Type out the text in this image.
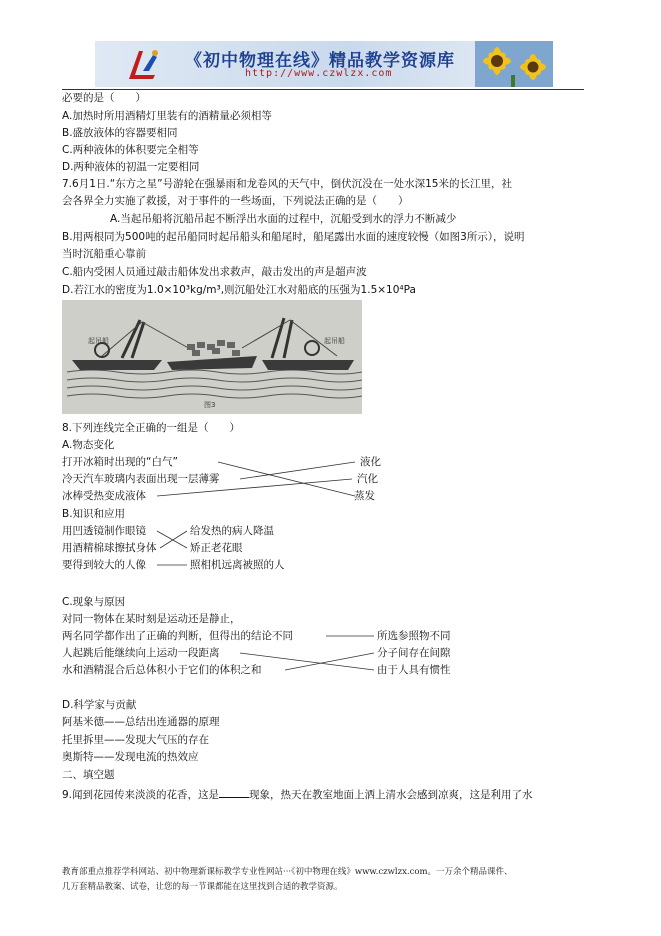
《初中物理在线》精品教学资源库
http://www.czwlzx.com
必要的是（　　）
A.加热时所用酒精灯里装有的酒精量必须相等
B.盛放液体的容器要相同
C.两种液体的体积要完全相等
D.两种液体的初温一定要相同
7.6月1日.“东方之星”号游轮在强暴雨和龙卷风的天气中，倒伏沉没在一处水深15米的长江里，社
会各界全力实施了救援，对于事件的一些场面，下列说法正确的是（　　）
A.当起吊船将沉船吊起不断浮出水面的过程中，沉船受到水的浮力不断减少
B.用两根同为500吨的起吊船同时起吊船头和船尾时，船尾露出水面的速度较慢（如图3所示），说明
当时沉船重心靠前
C.船内受困人员通过敲击船体发出求救声，敲击发出的声是超声波
D.若江水的密度为1.0×10³kg/m³,则沉船处江水对船底的压强为1.5×10⁴Pa
起吊船	起吊船
图3
8.下列连线完全正确的一组是（　　）
A.物态变化
打开冰箱时出现的“白气”
冷天汽车玻璃内表面出现一层薄雾
冰棒受热变成液体
液化
汽化
蒸发
B.知识和应用
用凹透镜制作眼镜
用酒精棉球擦拭身体
要得到较大的人像
给发热的病人降温
矫正老花眼
照相机远离被照的人
C.现象与原因
对同一物体在某时刻是运动还是静止，
两名同学都作出了正确的判断，但得出的结论不同
人起跳后能继续向上运动一段距离
水和酒精混合后总体积小于它们的体积之和
所选参照物不同
分子间存在间隙
由于人具有惯性
D.科学家与贡献
阿基米德——总结出连通器的原理
托里拆里——发现大气压的存在
奥斯特——发现电流的热效应
二、填空题
9.闻到花园传来淡淡的花香，这是	现象，热天在教室地面上洒上清水会感到凉爽，这是利用了水
教育部重点推荐学科网站、初中物理新课标教学专业性网站···《初中物理在线》www.czwlzx.com。一万余个精品课件、
几万套精品教案、试卷，让您的每一节课都能在这里找到合适的教学资源。
